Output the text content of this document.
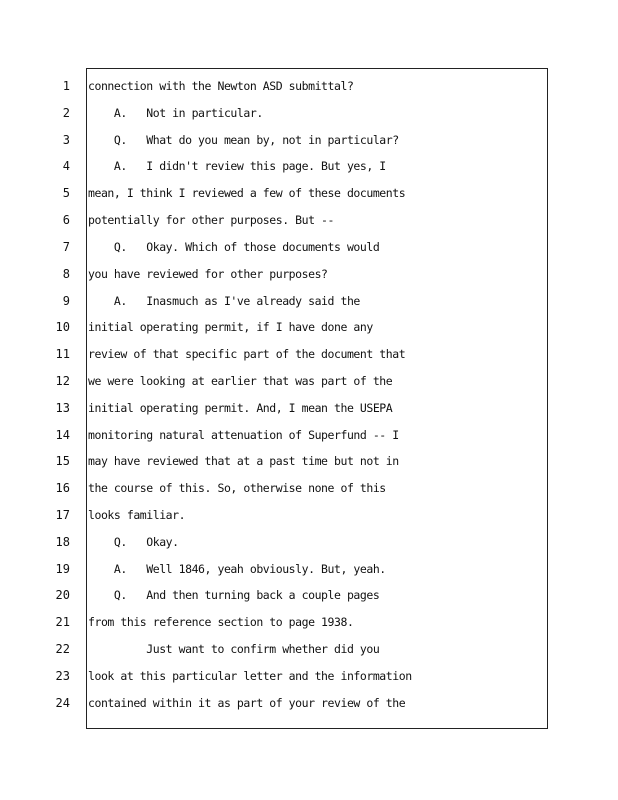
1 connection with the Newton ASD submittal?
2 A.   Not in particular.
3 Q.   What do you mean by, not in particular?
4 A.   I didn't review this page. But yes, I
5 mean, I think I reviewed a few of these documents
6 potentially for other purposes. But --
7 Q.   Okay. Which of those documents would
8 you have reviewed for other purposes?
9 A.   Inasmuch as I've already said the
10 initial operating permit, if I have done any
11 review of that specific part of the document that
12 we were looking at earlier that was part of the
13 initial operating permit. And, I mean the USEPA
14 monitoring natural attenuation of Superfund -- I
15 may have reviewed that at a past time but not in
16 the course of this. So, otherwise none of this
17 looks familiar.
18 Q.   Okay.
19 A.   Well 1846, yeah obviously. But, yeah.
20 Q.   And then turning back a couple pages
21 from this reference section to page 1938.
22 Just want to confirm whether did you
23 look at this particular letter and the information
24 contained within it as part of your review of the
